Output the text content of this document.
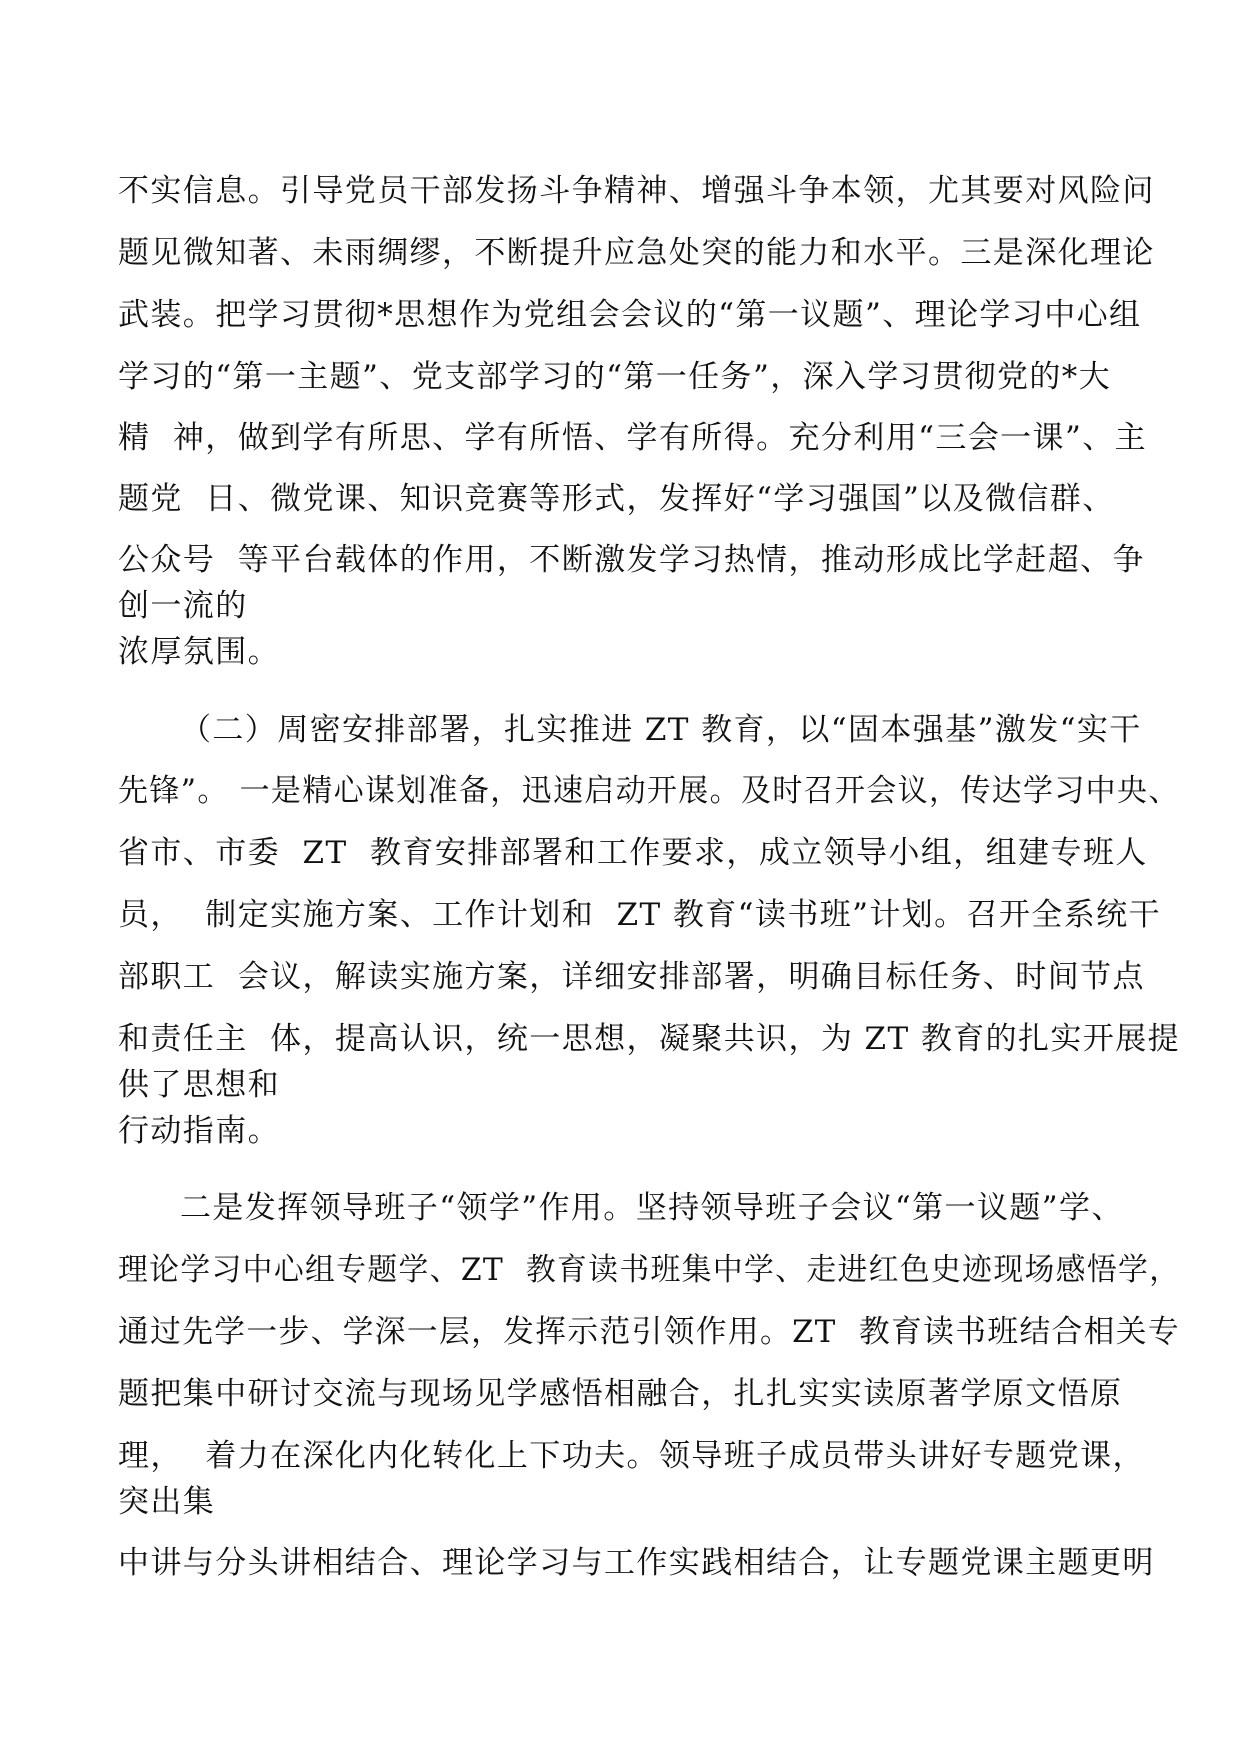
不实信息。引导党员干部发扬斗争精神、增强斗争本领，尤其要对风险问
题见微知著、未雨绸缪，不断提升应急处突的能力和水平。三是深化理论
武装。把学习贯彻*思想作为党组会会议的“第一议题”、理论学习中心组
学习的“第一主题”、党支部学习的“第一任务”，深入学习贯彻党的*大
精  神，做到学有所思、学有所悟、学有所得。充分利用“三会一课”、主
题党  日、微党课、知识竞赛等形式，发挥好“学习强国”以及微信群、
公众号  等平台载体的作用，不断激发学习热情，推动形成比学赶超、争
创一流的
浓厚氛围。
（二）周密安排部署，扎实推进 ZT 教育，以“固本强基”激发“实干
先锋”。 一是精心谋划准备，迅速启动开展。及时召开会议，传达学习中央、
省市、市委  ZT  教育安排部署和工作要求，成立领导小组，组建专班人
员，  制定实施方案、工作计划和  ZT 教育“读书班”计划。召开全系统干
部职工  会议，解读实施方案，详细安排部署，明确目标任务、时间节点
和责任主  体，提高认识，统一思想，凝聚共识，为 ZT 教育的扎实开展提
供了思想和
行动指南。
二是发挥领导班子“领学”作用。坚持领导班子会议“第一议题”学、
理论学习中心组专题学、ZT  教育读书班集中学、走进红色史迹现场感悟学，
通过先学一步、学深一层，发挥示范引领作用。ZT  教育读书班结合相关专
题把集中研讨交流与现场见学感悟相融合，扎扎实实读原著学原文悟原
理，  着力在深化内化转化上下功夫。领导班子成员带头讲好专题党课，
突出集
中讲与分头讲相结合、理论学习与工作实践相结合，让专题党课主题更明
